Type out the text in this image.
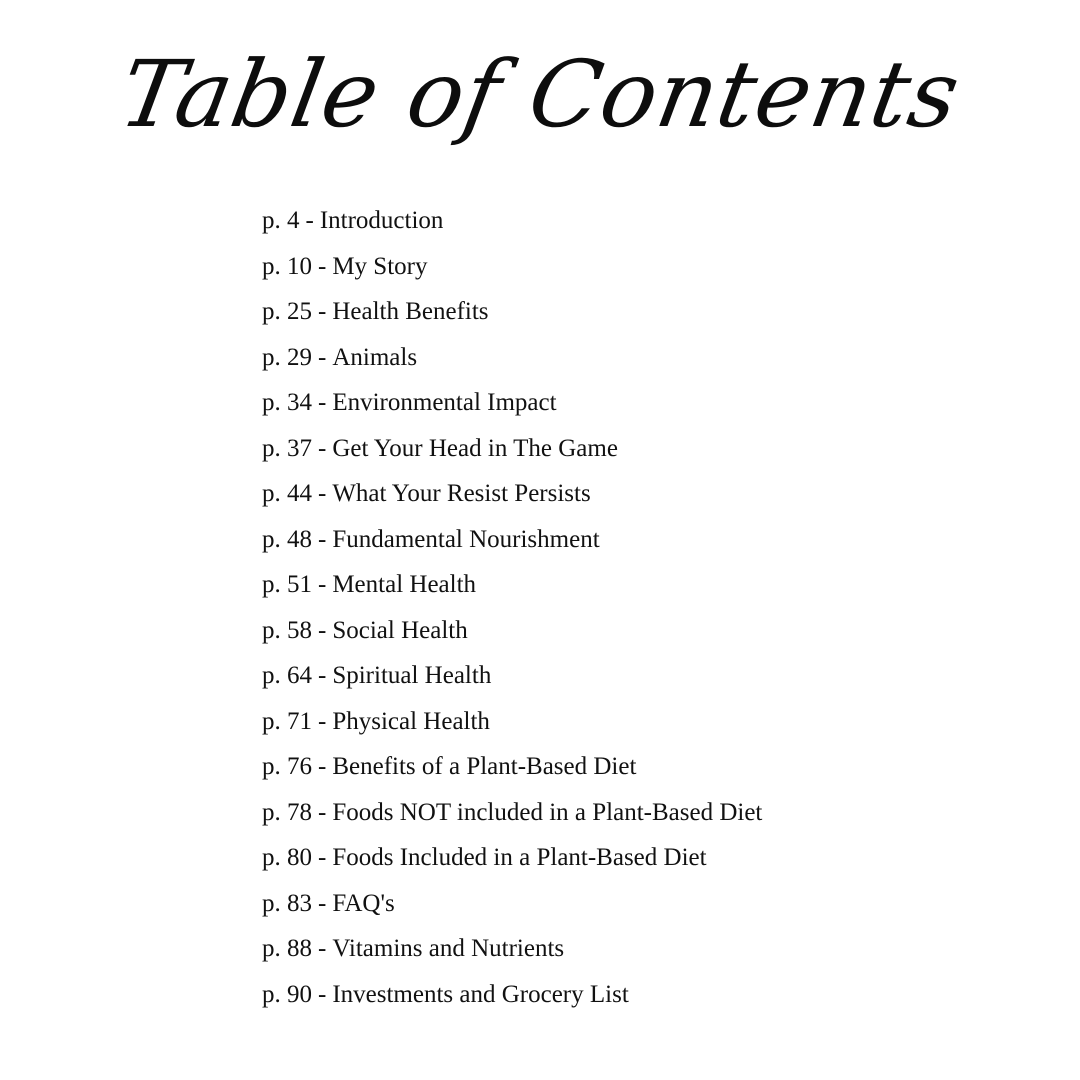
Table of Contents
p. 4 - Introduction
p. 10 - My Story
p. 25 - Health Benefits
p. 29 - Animals
p. 34 - Environmental Impact
p. 37 - Get Your Head in The Game
p. 44 - What Your Resist Persists
p. 48 - Fundamental Nourishment
p. 51 - Mental Health
p. 58 - Social Health
p. 64 - Spiritual Health
p. 71 - Physical Health
p. 76 - Benefits of a Plant-Based Diet
p. 78 - Foods NOT included in a Plant-Based Diet
p. 80 - Foods Included in a Plant-Based Diet
p. 83 - FAQ's
p. 88 - Vitamins and Nutrients
p. 90 - Investments and Grocery List
